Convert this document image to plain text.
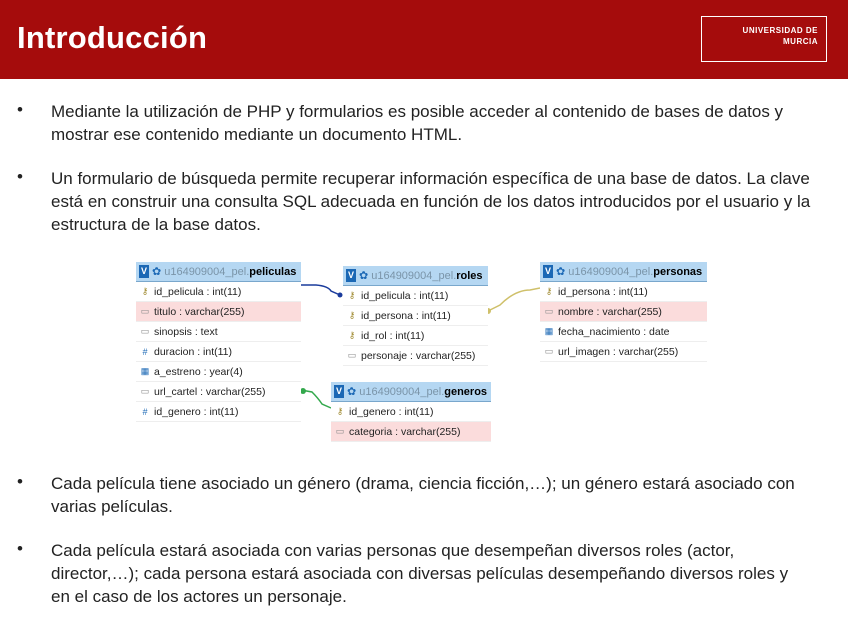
Introducción	UNIVERSIDAD DE
MURCIA
• Mediante la utilización de PHP y formularios es posible acceder al contenido de bases de datos y mostrar ese contenido mediante un documento HTML.
• Un formulario de búsqueda permite recuperar información específica de una base de datos. La clave está en construir una consulta SQL adecuada en función de los datos introducidos por el usuario y la estructura de la base datos.
V ✿ u164909004_pel. peliculas
⚷ id_pelicula : int(11)
▭ titulo : varchar(255)
▭ sinopsis : text
# duracion : int(11)
▦ a_estreno : year(4)
▭ url_cartel : varchar(255)
# id_genero : int(11)
V ✿ u164909004_pel. roles
⚷ id_pelicula : int(11)
⚷ id_persona : int(11)
⚷ id_rol : int(11)
▭ personaje : varchar(255)
V ✿ u164909004_pel. personas
⚷ id_persona : int(11)
▭ nombre : varchar(255)
▦ fecha_nacimiento : date
▭ url_imagen : varchar(255)
V ✿ u164909004_pel. generos
⚷ id_genero : int(11)
▭ categoria : varchar(255)
• Cada película tiene asociado un género (drama, ciencia ficción,…); un género estará asociado con varias películas.
• Cada película estará asociada con varias personas que desempeñan diversos roles (actor, director,…); cada persona estará asociada con diversas películas desempeñando diversos roles y en el caso de los actores un personaje.
